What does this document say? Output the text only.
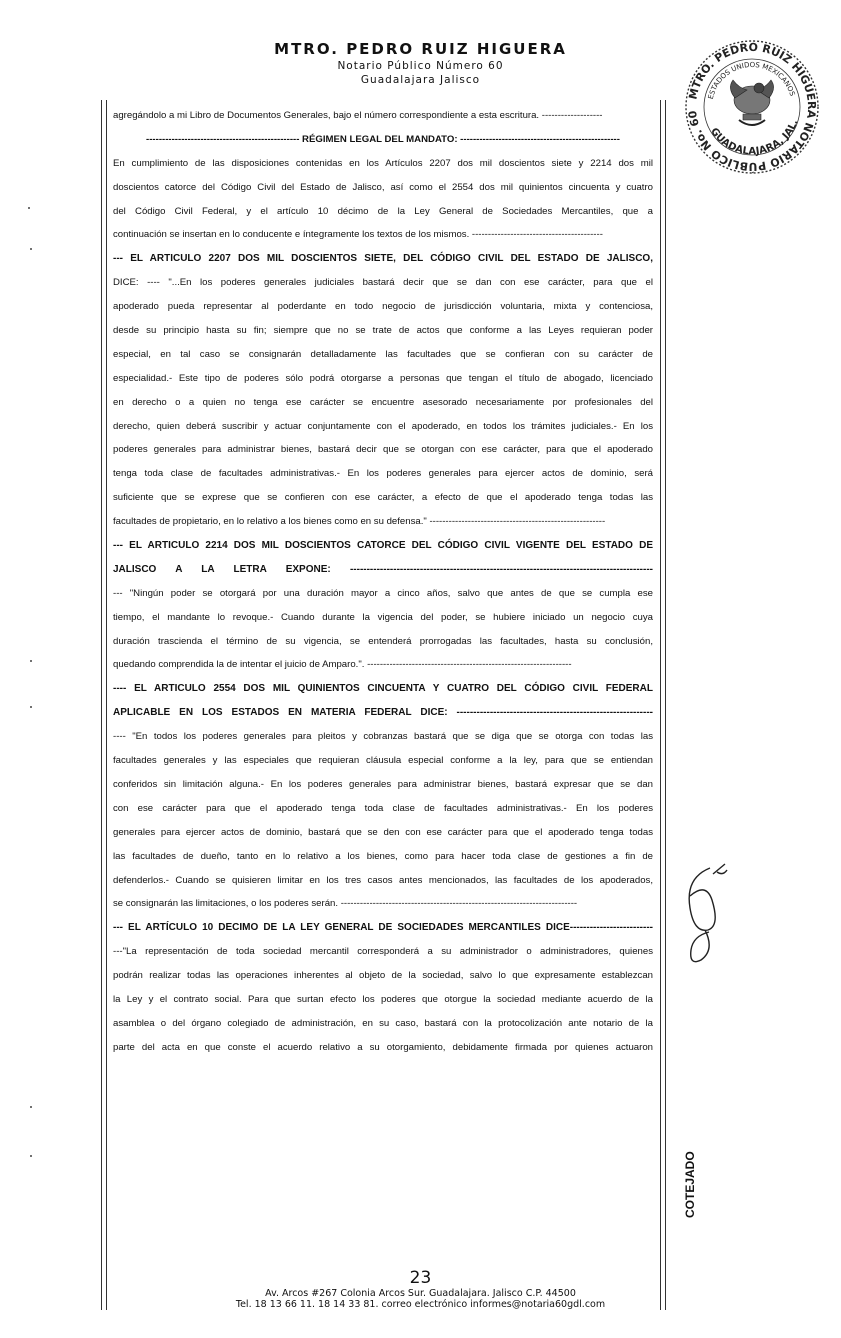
MTRO. PEDRO RUIZ HIGUERA
Notario Público Número 60
Guadalajara Jalisco
MTRO. PEDRO RUIZ HIGUERA NOTARIO PÚBLICO No. 60
ESTADOS UNIDOS MEXICANOS
GUADALAJARA, JAL.
agregándolo a mi Libro de Documentos Generales, bajo el número correspondiente a esta escritura. -------------------
------------------------------------------------ RÉGIMEN LEGAL DEL MANDATO: --------------------------------------------------
En cumplimiento de las disposiciones contenidas en los Artículos 2207 dos mil doscientos siete y 2214 dos mil
doscientos catorce del Código Civil del Estado de Jalisco, así como el 2554 dos mil quinientos cincuenta y cuatro
del Código Civil Federal, y el artículo 10 décimo de la Ley General de Sociedades Mercantiles, que a
continuación se insertan en lo conducente e íntegramente los textos de los mismos. -----------------------------------------
--- EL ARTICULO 2207 DOS MIL DOSCIENTOS SIETE, DEL CÓDIGO CIVIL DEL ESTADO DE JALISCO,
DICE: ---- "...En los poderes generales judiciales bastará decir que se dan con ese carácter, para que el
apoderado pueda representar al poderdante en todo negocio de jurisdicción voluntaria, mixta y contenciosa,
desde su principio hasta su fin; siempre que no se trate de actos que conforme a las Leyes requieran poder
especial, en tal caso se consignarán detalladamente las facultades que se confieran con su carácter de
especialidad.- Este tipo de poderes sólo podrá otorgarse a personas que tengan el título de abogado, licenciado
en derecho o a quien no tenga ese carácter se encuentre asesorado necesariamente por profesionales del
derecho, quien deberá suscribir y actuar conjuntamente con el apoderado, en todos los trámites judiciales.- En los
poderes generales para administrar bienes, bastará decir que se otorgan con ese carácter, para que el apoderado
tenga toda clase de facultades administrativas.- En los poderes generales para ejercer actos de dominio, será
suficiente que se exprese que se confieren con ese carácter, a efecto de que el apoderado tenga todas las
facultades de propietario, en lo relativo a los bienes como en su defensa." -------------------------------------------------------
--- EL ARTICULO 2214 DOS MIL DOSCIENTOS CATORCE DEL CÓDIGO CIVIL VIGENTE DEL ESTADO DE
JALISCO A LA LETRA EXPONE: -------------------------------------------------------------------------------------------
--- "Ningún poder se otorgará por una duración mayor a cinco años, salvo que antes de que se cumpla ese
tiempo, el mandante lo revoque.- Cuando durante la vigencia del poder, se hubiere iniciado un negocio cuya
duración trascienda el término de su vigencia, se entenderá prorrogadas las facultades, hasta su conclusión,
quedando comprendida la de intentar el juicio de Amparo.". ----------------------------------------------------------------
---- EL ARTICULO 2554 DOS MIL QUINIENTOS CINCUENTA Y CUATRO DEL CÓDIGO CIVIL FEDERAL
APLICABLE EN LOS ESTADOS EN MATERIA FEDERAL DICE: -----------------------------------------------------------
---- "En todos los poderes generales para pleitos y cobranzas bastará que se diga que se otorga con todas las
facultades generales y las especiales que requieran cláusula especial conforme a la ley, para que se entiendan
conferidos sin limitación alguna.- En los poderes generales para administrar bienes, bastará expresar que se dan
con ese carácter para que el apoderado tenga toda clase de facultades administrativas.- En los poderes
generales para ejercer actos de dominio, bastará que se den con ese carácter para que el apoderado tenga todas
las facultades de dueño, tanto en lo relativo a los bienes, como para hacer toda clase de gestiones a fin de
defenderlos.- Cuando se quisieren limitar en los tres casos antes mencionados, las facultades de los apoderados,
se consignarán las limitaciones, o los poderes serán. --------------------------------------------------------------------------
--- EL ARTÍCULO 10 DECIMO DE LA LEY GENERAL DE SOCIEDADES MERCANTILES DICE-------------------------
---"La representación de toda sociedad mercantil corresponderá a su administrador o administradores, quienes
podrán realizar todas las operaciones inherentes al objeto de la sociedad, salvo lo que expresamente establezcan
la Ley y el contrato social. Para que surtan efecto los poderes que otorgue la sociedad mediante acuerdo de la
asamblea o del órgano colegiado de administración, en su caso, bastará con la protocolización ante notario de la
parte del acta en que conste el acuerdo relativo a su otorgamiento, debidamente firmada por quienes actuaron
COTEJADO
23
Av. Arcos #267 Colonia Arcos Sur. Guadalajara. Jalisco C.P. 44500
Tel. 18 13 66 11. 18 14 33 81. correo electrónico informes@notaria60gdl.com
